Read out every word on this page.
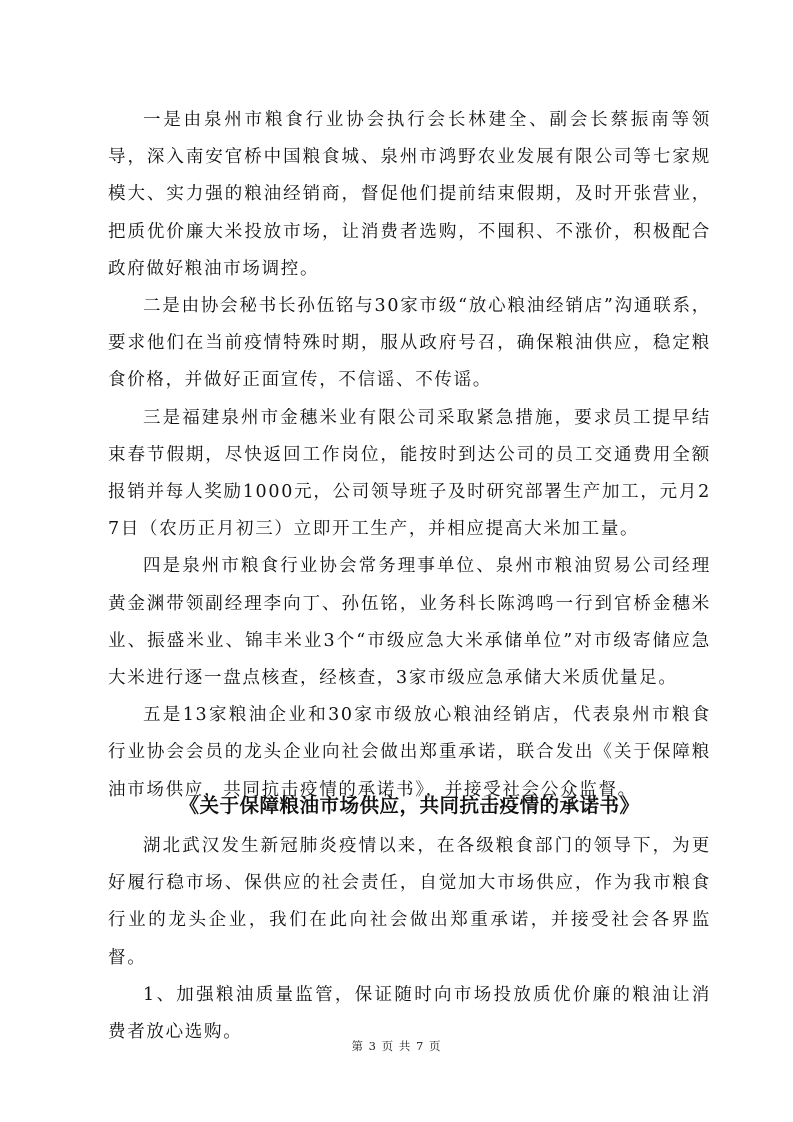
一是由泉州市粮食行业协会执行会长林建全、副会长蔡振南等领导，深入南安官桥中国粮食城、泉州市鸿野农业发展有限公司等七家规模大、实力强的粮油经销商，督促他们提前结束假期，及时开张营业，把质优价廉大米投放市场，让消费者选购，不囤积、不涨价，积极配合政府做好粮油市场调控。

二是由协会秘书长孙伍铭与30家市级“放心粮油经销店”沟通联系，要求他们在当前疫情特殊时期，服从政府号召，确保粮油供应，稳定粮食价格，并做好正面宣传，不信谣、不传谣。

三是福建泉州市金穗米业有限公司采取紧急措施，要求员工提早结束春节假期，尽快返回工作岗位，能按时到达公司的员工交通费用全额报销并每人奖励1000元，公司领导班子及时研究部署生产加工，元月27日（农历正月初三）立即开工生产，并相应提高大米加工量。

四是泉州市粮食行业协会常务理事单位、泉州市粮油贸易公司经理黄金渊带领副经理李向丁、孙伍铭，业务科长陈鸿鸣一行到官桥金穗米业、振盛米业、锦丰米业3个“市级应急大米承储单位”对市级寄储应急大米进行逐一盘点核查，经核查，3家市级应急承储大米质优量足。

五是13家粮油企业和30家市级放心粮油经销店，代表泉州市粮食行业协会会员的龙头企业向社会做出郑重承诺，联合发出《关于保障粮油市场供应，共同抗击疫情的承诺书》，并接受社会公众监督。

《关于保障粮油市场供应，共同抗击疫情的承诺书》

湖北武汉发生新冠肺炎疫情以来，在各级粮食部门的领导下，为更好履行稳市场、保供应的社会责任，自觉加大市场供应，作为我市粮食行业的龙头企业，我们在此向社会做出郑重承诺，并接受社会各界监督。

1、加强粮油质量监管，保证随时向市场投放质优价廉的粮油让消费者放心选购。

第 3 页 共 7 页
